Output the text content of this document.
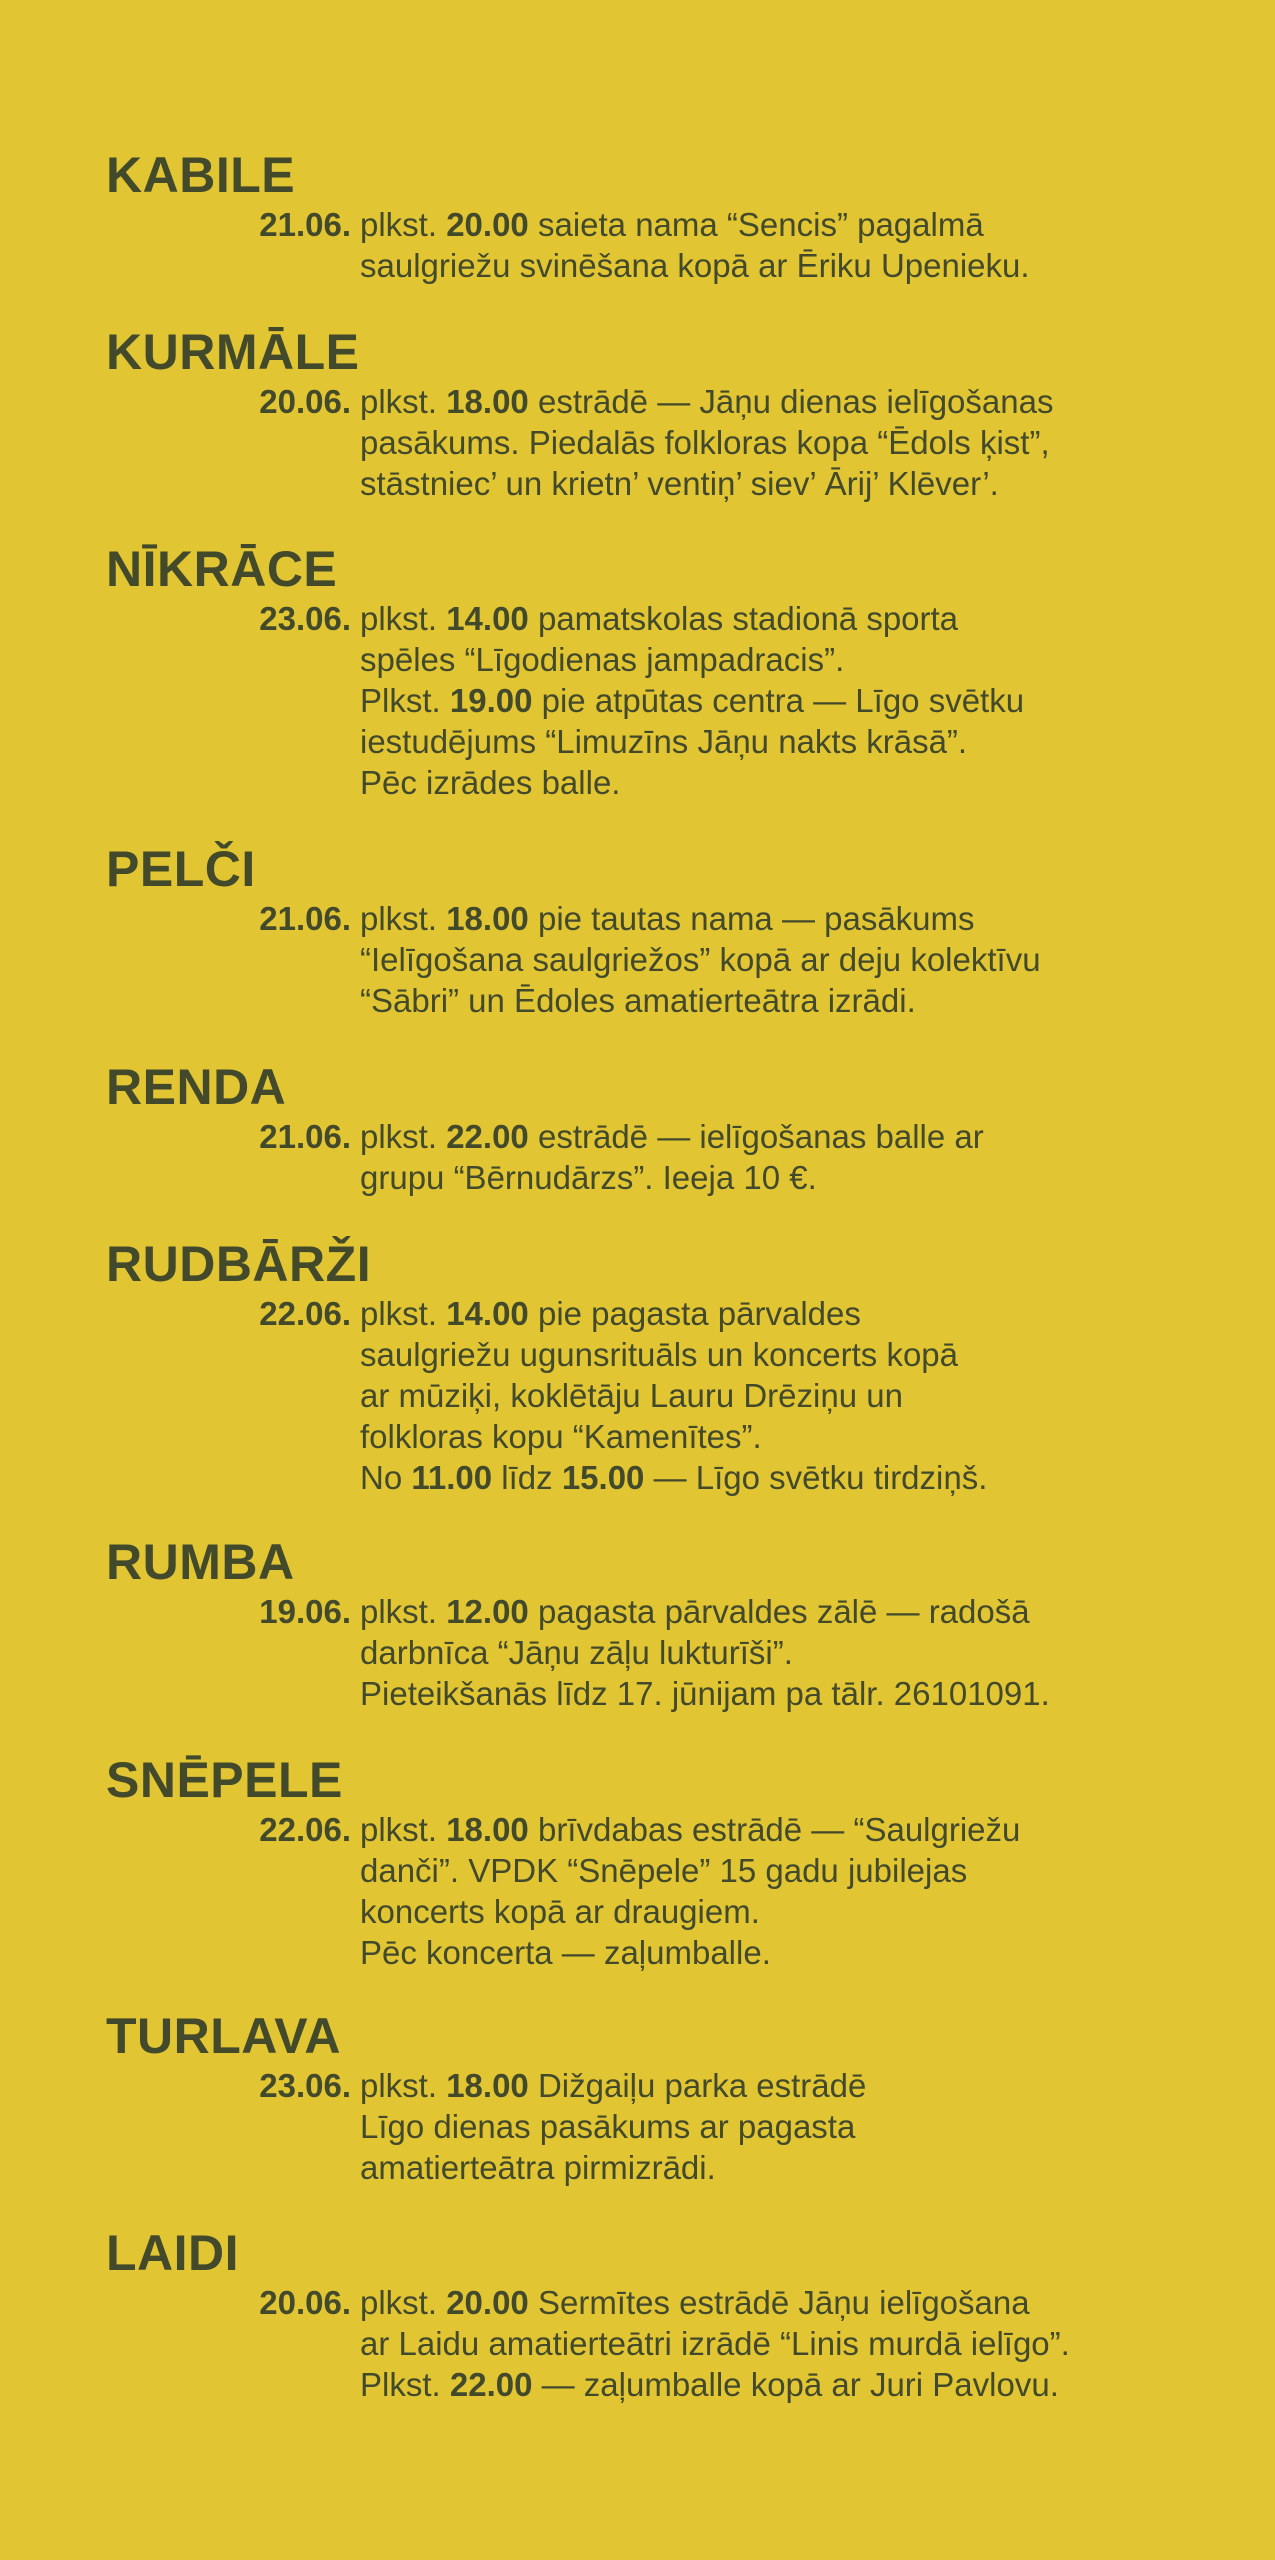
KABILE
21.06. plkst. 20.00 saieta nama “Sencis” pagalmā
saulgriežu svinēšana kopā ar Ēriku Upenieku.
KURMĀLE
20.06. plkst. 18.00 estrādē — Jāņu dienas ielīgošanas
pasākums. Piedalās folkloras kopa “Ēdols ķist”,
stāstniec’ un krietn’ ventiņ’ siev’ Ārij’ Klēver’.
NĪKRĀCE
23.06. plkst. 14.00 pamatskolas stadionā sporta
spēles “Līgodienas jampadracis”.
Plkst. 19.00 pie atpūtas centra — Līgo svētku
iestudējums “Limuzīns Jāņu nakts krāsā”.
Pēc izrādes balle.
PELČI
21.06. plkst. 18.00 pie tautas nama — pasākums
“Ielīgošana saulgriežos” kopā ar deju kolektīvu
“Sābri” un Ēdoles amatierteātra izrādi.
RENDA
21.06. plkst. 22.00 estrādē — ielīgošanas balle ar
grupu “Bērnudārzs”. Ieeja 10 €.
RUDBĀRŽI
22.06. plkst. 14.00 pie pagasta pārvaldes
saulgriežu ugunsrituāls un koncerts kopā
ar mūziķi, koklētāju Lauru Drēziņu un
folkloras kopu “Kamenītes”.
No 11.00 līdz 15.00 — Līgo svētku tirdziņš.
RUMBA
19.06. plkst. 12.00 pagasta pārvaldes zālē — radošā
darbnīca “Jāņu zāļu lukturīši”.
Pieteikšanās līdz 17. jūnijam pa tālr. 26101091.
SNĒPELE
22.06. plkst. 18.00 brīvdabas estrādē — “Saulgriežu
danči”. VPDK “Snēpele” 15 gadu jubilejas
koncerts kopā ar draugiem.
Pēc koncerta — zaļumballe.
TURLAVA
23.06. plkst. 18.00 Dižgaiļu parka estrādē
Līgo dienas pasākums ar pagasta
amatierteātra pirmizrādi.
LAIDI
20.06. plkst. 20.00 Sermītes estrādē Jāņu ielīgošana
ar Laidu amatierteātri izrādē “Linis murdā ielīgo”.
Plkst. 22.00 — zaļumballe kopā ar Juri Pavlovu.
